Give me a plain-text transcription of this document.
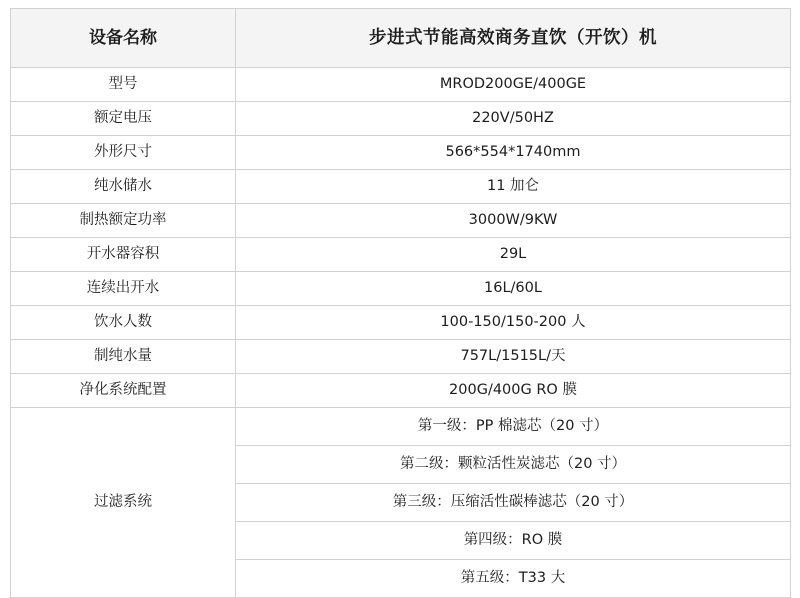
设备名称	步进式节能高效商务直饮（开饮）机
型号	MROD200GE/400GE
额定电压	220V/50HZ
外形尺寸	566*554*1740mm
纯水储水	11 加仑
制热额定功率	3000W/9KW
开水器容积	29L
连续出开水	16L/60L
饮水人数	100-150/150-200 人
制纯水量	757L/1515L/天
净化系统配置	200G/400G RO 膜
过滤系统	第一级：PP 棉滤芯（20 寸）
	第二级：颗粒活性炭滤芯（20 寸）
	第三级：压缩活性碳棒滤芯（20 寸）
	第四级：RO 膜
	第五级：T33 大
